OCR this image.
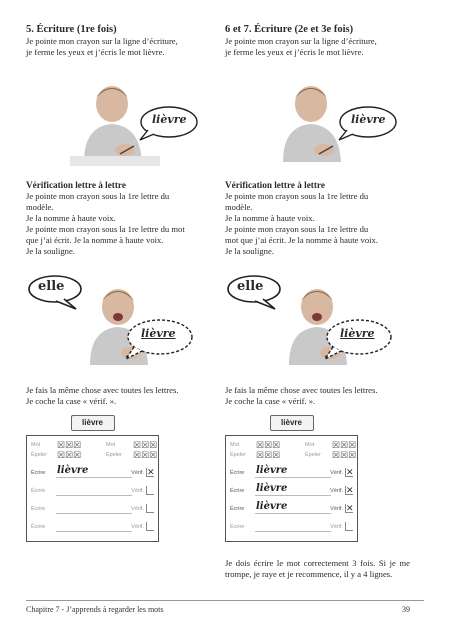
5. Écriture (1re fois)
Je pointe mon crayon sur la ligne d’écriture,
je ferme les yeux et j’écris le mot lièvre.
lièvre
Vérification lettre à lettre
Je pointe mon crayon sous la 1re lettre du
modèle.
Je la nomme à haute voix.
Je pointe mon crayon sous la 1re lettre du mot
que j’ai écrit. Je la nomme à haute voix.
Je la souligne.
elle
lièvre
Je fais la même chose avec toutes les lettres.
Je coche la case « vérif. ».
lièvre
Mot ☒☒☒	Mot ☒☒☒
Épeler ☒☒☒	Épeler ☒☒☒
Écrire lièvre	Vérif. ✕
Écrire	Vérif.
Écrire	Vérif.
Écrire	Vérif.
6 et 7. Écriture (2e et 3e fois)
Je pointe mon crayon sur la ligne d’écriture,
je ferme les yeux et j’écris le mot lièvre.
lièvre
Vérification lettre à lettre
Je pointe mon crayon sous la 1re lettre du
modèle.
Je la nomme à haute voix.
Je pointe mon crayon sous la 1re lettre du
mot que j’ai écrit. Je la nomme à haute voix.
Je la souligne.
elle
lièvre
Je fais la même chose avec toutes les lettres.
Je coche la case « vérif. ».
lièvre
Mot ☒☒☒	Mot ☒☒☒
Épeler ☒☒☒	Épeler ☒☒☒
Écrire lièvre	Vérif. ✕
Écrire lièvre	Vérif. ✕
Écrire lièvre	Vérif. ✕
Écrire	Vérif.
Je dois écrire le mot correctement 3 fois. Si je me trompe, je raye et je recommence, il y a 4 lignes.
Chapitre 7 - J’apprends à regarder les mots	39
